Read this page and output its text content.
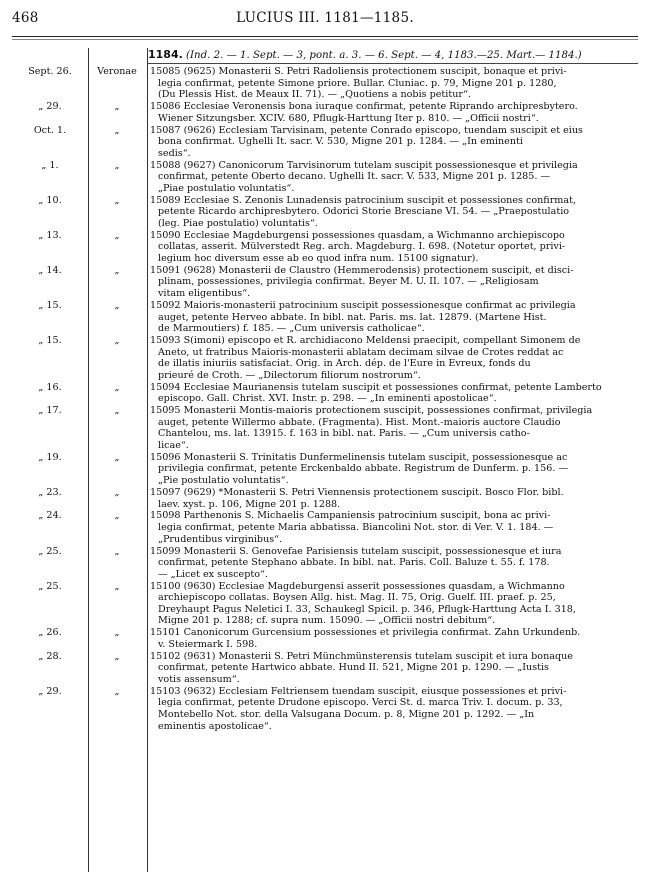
468	LUCIUS III. 1181—1185.
1184. (Ind. 2. — 1. Sept. — 3, pont. a. 3. — 6. Sept. — 4, 1183.—25. Mart.— 1184.)
Sept. 26.	Veronae	15085 (9625) Monasterii S. Petri Radoliensis protectionem suscipit, bonaque et privi-
legia confirmat, petente Simone priore. Bullar. Cluniac. p. 79, Migne 201 p. 1280,
(Du Plessis Hist. de Meaux II. 71). — „Quotiens a nobis petitur“.
„ 29.	„	15086 Ecclesiae Veronensis bona iuraque confirmat, petente Riprando archipresbytero.
Wiener Sitzungsber. XCIV. 680, Pflugk-Harttung Iter p. 810. — „Officii nostri“.
Oct. 1.	„	15087 (9626) Ecclesiam Tarvisinam, petente Conrado episcopo, tuendam suscipit et eius
bona confirmat. Ughelli It. sacr. V. 530, Migne 201 p. 1284. — „In eminenti
sedis“.
„ 1.	„	15088 (9627) Canonicorum Tarvisinorum tutelam suscipit possessionesque et privilegia
confirmat, petente Oberto decano. Ughelli It. sacr. V. 533, Migne 201 p. 1285. —
„Piae postulatio voluntatis“.
„ 10.	„	15089 Ecclesiae S. Zenonis Lunadensis patrocinium suscipit et possessiones confirmat,
petente Ricardo archipresbytero. Odorici Storie Bresciane VI. 54. — „Praepostulatio
(leg. Piae postulatio) voluntatis“.
„ 13.	„	15090 Ecclesiae Magdeburgensi possessiones quasdam, a Wichmanno archiepiscopo
collatas, asserit. Mülverstedt Reg. arch. Magdeburg. I. 698. (Notetur oportet, privi-
legium hoc diversum esse ab eo quod infra num. 15100 signatur).
„ 14.	„	15091 (9628) Monasterii de Claustro (Hemmerodensis) protectionem suscipit, et disci-
plinam, possessiones, privilegia confirmat. Beyer M. U. II. 107. — „Religiosam
vitam eligentibus“.
„ 15.	„	15092 Maioris-monasterii patrocinium suscipit possessionesque confirmat ac privilegia
auget, petente Herveo abbate. In bibl. nat. Paris. ms. lat. 12879. (Martene Hist.
de Marmoutiers) f. 185. — „Cum universis catholicae“.
„ 15.	„	15093 S(imoni) episcopo et R. archidiacono Meldensi praecipit, compellant Simonem de
Aneto, ut fratribus Maioris-monasterii ablatam decimam silvae de Crotes reddat ac
de illatis iniuriis satisfaciat. Orig. in Arch. dép. de l'Eure in Evreux, fonds du
prieuré de Croth. — „Dilectorum filiorum nostrorum“.
„ 16.	„	15094 Ecclesiae Maurianensis tutelam suscipit et possessiones confirmat, petente Lamberto
episcopo. Gall. Christ. XVI. Instr. p. 298. — „In eminenti apostolicae“.
„ 17.	„	15095 Monasterii Montis-maioris protectionem suscipit, possessiones confirmat, privilegia
auget, petente Willermo abbate. (Fragmenta). Hist. Mont.-maioris auctore Claudio
Chantelou, ms. lat. 13915. f. 163 in bibl. nat. Paris. — „Cum universis catho-
licae“.
„ 19.	„	15096 Monasterii S. Trinitatis Dunfermelinensis tutelam suscipit, possessionesque ac
privilegia confirmat, petente Erckenbaldo abbate. Registrum de Dunferm. p. 156. —
„Pie postulatio voluntatis“.
„ 23.	„	15097 (9629) *Monasterii S. Petri Viennensis protectionem suscipit. Bosco Flor. bibl.
laev. xyst. p. 106, Migne 201 p. 1288.
„ 24.	„	15098 Parthenonis S. Michaelis Campaniensis patrocinium suscipit, bona ac privi-
legia confirmat, petente Maria abbatissa. Biancolini Not. stor. di Ver. V. 1. 184. —
„Prudentibus virginibus“.
„ 25.	„	15099 Monasterii S. Genovefae Parisiensis tutelam suscipit, possessionesque et iura
confirmat, petente Stephano abbate. In bibl. nat. Paris. Coll. Baluze t. 55. f. 178.
— „Licet ex suscepto“.
„ 25.	„	15100 (9630) Ecclesiae Magdeburgensi asserit possessiones quasdam, a Wichmanno
archiepiscopo collatas. Boysen Allg. hist. Mag. II. 75, Orig. Guelf. III. praef. p. 25,
Dreyhaupt Pagus Neletici I. 33, Schaukegl Spicil. p. 346, Pflugk-Harttung Acta I. 318,
Migne 201 p. 1288; cf. supra num. 15090. — „Officii nostri debitum“.
„ 26.	„	15101 Canonicorum Gurcensium possessiones et privilegia confirmat. Zahn Urkundenb.
v. Steiermark I. 598.
„ 28.	„	15102 (9631) Monasterii S. Petri Münchmünsterensis tutelam suscipit et iura bonaque
confirmat, petente Hartwico abbate. Hund II. 521, Migne 201 p. 1290. — „Iustis
votis assensum“.
„ 29.	„	15103 (9632) Ecclesiam Feltriensem tuendam suscipit, eiusque possessiones et privi-
legia confirmat, petente Drudone episcopo. Verci St. d. marca Triv. I. docum. p. 33,
Montebello Not. stor. della Valsugana Docum. p. 8, Migne 201 p. 1292. — „In
eminentis apostolicae“.
